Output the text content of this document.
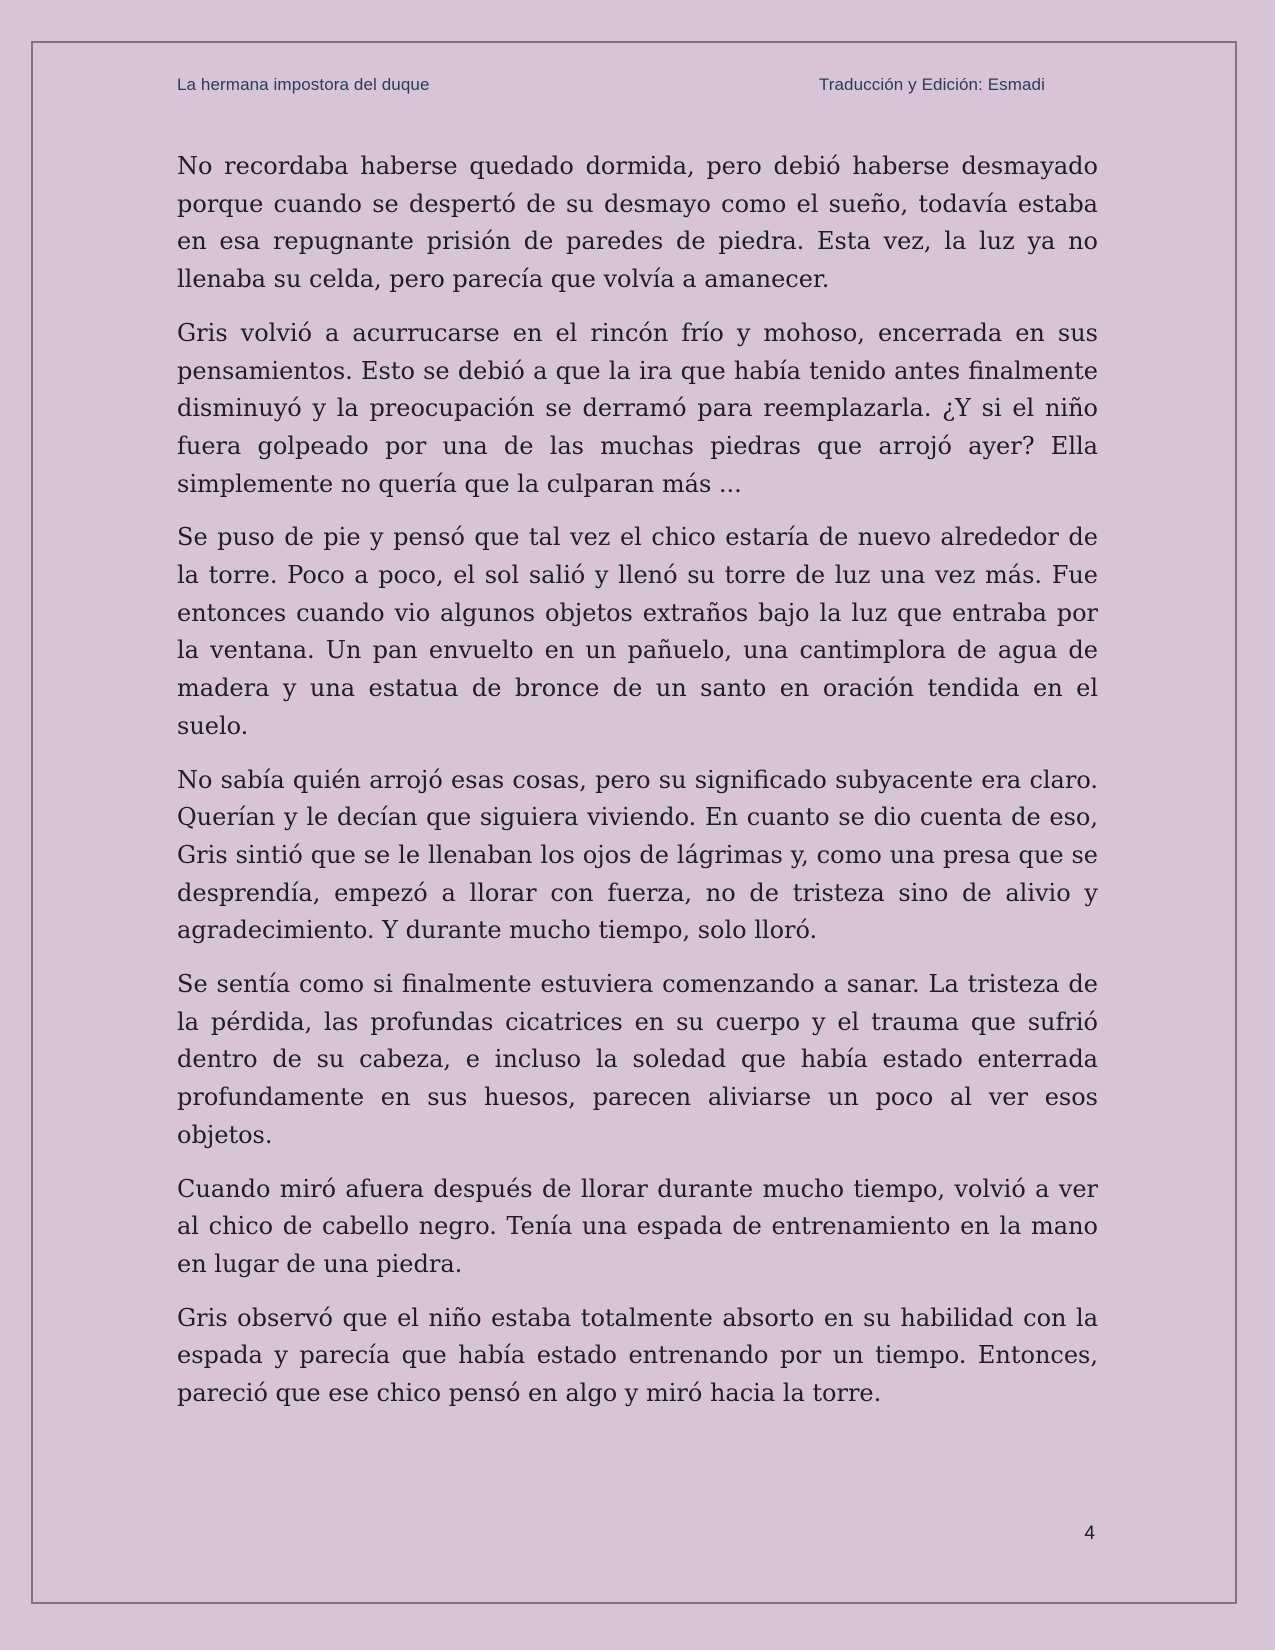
La hermana impostora del duque	Traducción y Edición: Esmadi

No recordaba haberse quedado dormida, pero debió haberse desmayado porque cuando se despertó de su desmayo como el sueño, todavía estaba en esa repugnante prisión de paredes de piedra. Esta vez, la luz ya no llenaba su celda, pero parecía que volvía a amanecer.

Gris volvió a acurrucarse en el rincón frío y mohoso, encerrada en sus pensamientos. Esto se debió a que la ira que había tenido antes finalmente disminuyó y la preocupación se derramó para reemplazarla. ¿Y si el niño fuera golpeado por una de las muchas piedras que arrojó ayer? Ella simplemente no quería que la culparan más ...

Se puso de pie y pensó que tal vez el chico estaría de nuevo alrededor de la torre. Poco a poco, el sol salió y llenó su torre de luz una vez más. Fue entonces cuando vio algunos objetos extraños bajo la luz que entraba por la ventana. Un pan envuelto en un pañuelo, una cantimplora de agua de madera y una estatua de bronce de un santo en oración tendida en el suelo.

No sabía quién arrojó esas cosas, pero su significado subyacente era claro. Querían y le decían que siguiera viviendo. En cuanto se dio cuenta de eso, Gris sintió que se le llenaban los ojos de lágrimas y, como una presa que se desprendía, empezó a llorar con fuerza, no de tristeza sino de alivio y agradecimiento. Y durante mucho tiempo, solo lloró.

Se sentía como si finalmente estuviera comenzando a sanar. La tristeza de la pérdida, las profundas cicatrices en su cuerpo y el trauma que sufrió dentro de su cabeza, e incluso la soledad que había estado enterrada profundamente en sus huesos, parecen aliviarse un poco al ver esos objetos.

Cuando miró afuera después de llorar durante mucho tiempo, volvió a ver al chico de cabello negro. Tenía una espada de entrenamiento en la mano en lugar de una piedra.

Gris observó que el niño estaba totalmente absorto en su habilidad con la espada y parecía que había estado entrenando por un tiempo. Entonces, pareció que ese chico pensó en algo y miró hacia la torre.

4
